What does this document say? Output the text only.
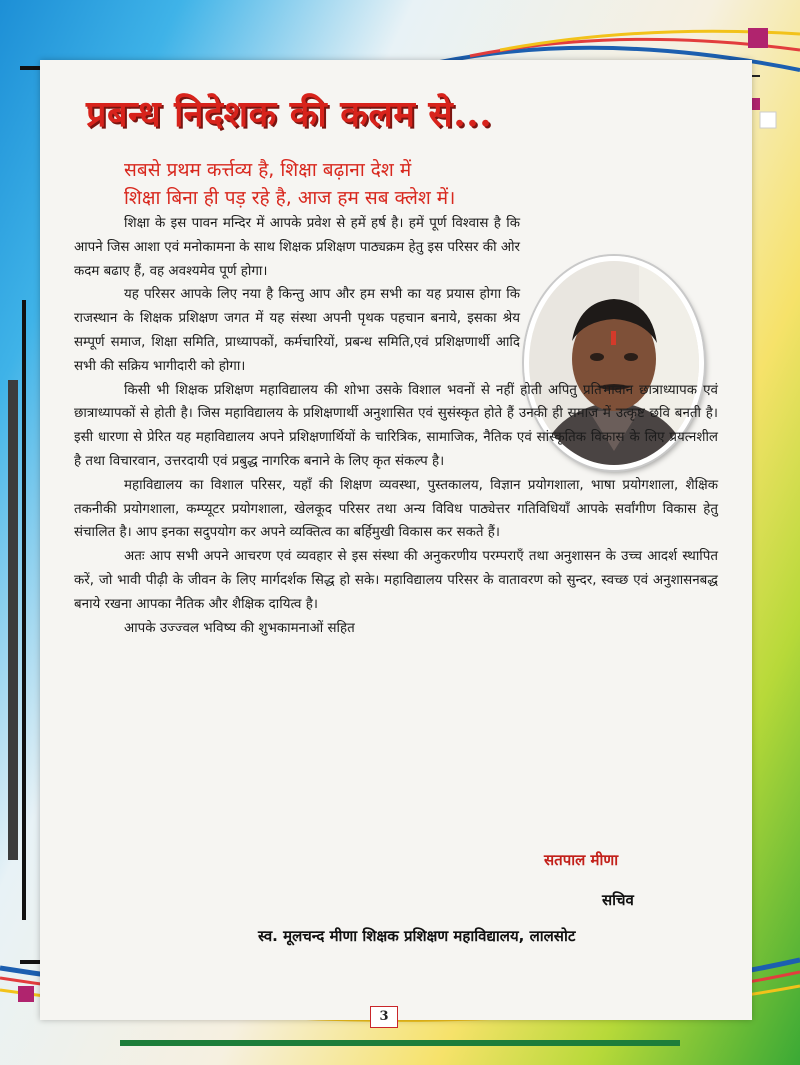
प्रबन्ध निदेशक की कलम से...
सबसे प्रथम कर्त्तव्य है, शिक्षा बढ़ाना देश में
शिक्षा बिना ही पड़ रहे है, आज हम सब क्लेश में।

शिक्षा के इस पावन मन्दिर में आपके प्रवेश से हमें हर्ष है। हमें पूर्ण विश्वास है कि आपने जिस आशा एवं मनोकामना के साथ शिक्षक प्रशिक्षण पाठ्यक्रम हेतु इस परिसर की ओर कदम बढाए हैं, वह अवश्यमेव पूर्ण होगा।

यह परिसर आपके लिए नया है किन्तु आप और हम सभी का यह प्रयास होगा कि राजस्थान के शिक्षक प्रशिक्षण जगत में यह संस्था अपनी पृथक पहचान बनाये, इसका श्रेय सम्पूर्ण समाज, शिक्षा समिति, प्राध्यापकों, कर्मचारियों, प्रबन्ध समिति,एवं प्रशिक्षणार्थी आदि सभी की सक्रिय भागीदारी को होगा।

किसी भी शिक्षक प्रशिक्षण महाविद्यालय की शोभा उसके विशाल भवनों से नहीं होती अपितु प्रतिभावान छात्राध्यापक एवं छात्राध्यापकों से होती है। जिस महाविद्यालय के प्रशिक्षणार्थी अनुशासित एवं सुसंस्कृत होते हैं उनकी ही समाज में उत्कृष्ट छवि बनती है। इसी धारणा से प्रेरित यह महाविद्यालय अपने प्रशिक्षणार्थियों के चारित्रिक, सामाजिक, नैतिक एवं सांस्कृतिक विकास के लिए प्रयत्नशील है तथा विचारवान, उत्तरदायी एवं प्रबुद्ध नागरिक बनाने के लिए कृत संकल्प है।

महाविद्यालय का विशाल परिसर, यहाँ की शिक्षण व्यवस्था, पुस्तकालय, विज्ञान प्रयोगशाला, भाषा प्रयोगशाला, शैक्षिक तकनीकी प्रयोगशाला, कम्प्यूटर प्रयोगशाला, खेलकूद परिसर तथा अन्य विविध पाठ्येत्तर गतिविधियाँ आपके सर्वांगीण विकास हेतु संचालित है। आप इनका सदुपयोग कर अपने व्यक्तित्व का बर्हिमुखी विकास कर सकते हैं।

अतः आप सभी अपने आचरण एवं व्यवहार से इस संस्था की अनुकरणीय परम्पराएँ तथा अनुशासन के उच्च आदर्श स्थापित करें, जो भावी पीढ़ी के जीवन के लिए मार्गदर्शक सिद्ध हो सके। महाविद्यालय परिसर के वातावरण को सुन्दर, स्वच्छ एवं अनुशासनबद्ध बनाये रखना आपका नैतिक और शैक्षिक दायित्व है।

आपके उज्ज्वल भविष्य की शुभकामनाओं सहित

सतपाल मीणा
सचिव
स्व. मूलचन्द मीणा शिक्षक प्रशिक्षण महाविद्यालय, लालसोट
3
